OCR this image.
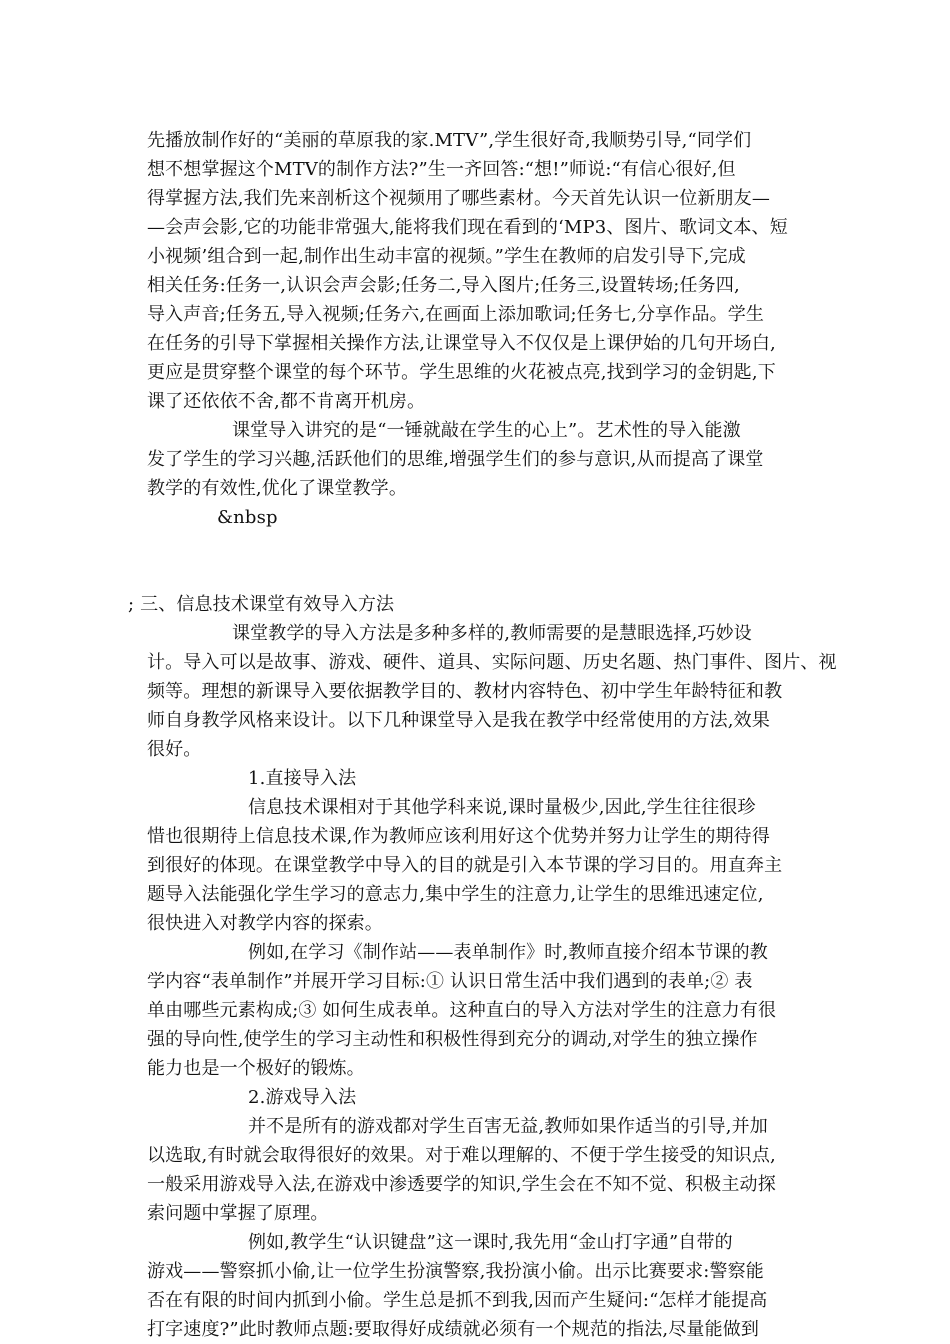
先播放制作好的“美丽的草原我的家.MTV”,学生很好奇,我顺势引导,“同学们
想不想掌握这个MTV的制作方法?”生一齐回答:“想!”师说:“有信心很好,但
得掌握方法,我们先来剖析这个视频用了哪些素材。今天首先认识一位新朋友—
—会声会影,它的功能非常强大,能将我们现在看到的‘MP3、图片、歌词文本、短
小视频’组合到一起,制作出生动丰富的视频。”学生在教师的启发引导下,完成
相关任务:任务一,认识会声会影;任务二,导入图片;任务三,设置转场;任务四,
导入声音;任务五,导入视频;任务六,在画面上添加歌词;任务七,分享作品。学生
在任务的引导下掌握相关操作方法,让课堂导入不仅仅是上课伊始的几句开场白,
更应是贯穿整个课堂的每个环节。学生思维的火花被点亮,找到学习的金钥匙,下
课了还依依不舍,都不肯离开机房。
课堂导入讲究的是“一锤就敲在学生的心上”。艺术性的导入能激
发了学生的学习兴趣,活跃他们的思维,增强学生们的参与意识,从而提高了课堂
教学的有效性,优化了课堂教学。
&nbsp
; 三、信息技术课堂有效导入方法
课堂教学的导入方法是多种多样的,教师需要的是慧眼选择,巧妙设
计。导入可以是故事、游戏、硬件、道具、实际问题、历史名题、热门事件、图片、视
频等。理想的新课导入要依据教学目的、教材内容特色、初中学生年龄特征和教
师自身教学风格来设计。以下几种课堂导入是我在教学中经常使用的方法,效果
很好。
1.直接导入法
信息技术课相对于其他学科来说,课时量极少,因此,学生往往很珍
惜也很期待上信息技术课,作为教师应该利用好这个优势并努力让学生的期待得
到很好的体现。在课堂教学中导入的目的就是引入本节课的学习目的。用直奔主
题导入法能强化学生学习的意志力,集中学生的注意力,让学生的思维迅速定位,
很快进入对教学内容的探索。
例如,在学习《制作站——表单制作》时,教师直接介绍本节课的教
学内容“表单制作”并展开学习目标:① 认识日常生活中我们遇到的表单;② 表
单由哪些元素构成;③ 如何生成表单。这种直白的导入方法对学生的注意力有很
强的导向性,使学生的学习主动性和积极性得到充分的调动,对学生的独立操作
能力也是一个极好的锻炼。
2.游戏导入法
并不是所有的游戏都对学生百害无益,教师如果作适当的引导,并加
以选取,有时就会取得很好的效果。对于难以理解的、不便于学生接受的知识点,
一般采用游戏导入法,在游戏中渗透要学的知识,学生会在不知不觉、积极主动探
索问题中掌握了原理。
例如,教学生“认识键盘”这一课时,我先用“金山打字通”自带的
游戏——警察抓小偷,让一位学生扮演警察,我扮演小偷。出示比赛要求:警察能
否在有限的时间内抓到小偷。学生总是抓不到我,因而产生疑问:“怎样才能提高
打字速度?”此时教师点题:要取得好成绩就必须有一个规范的指法,尽量能做到
